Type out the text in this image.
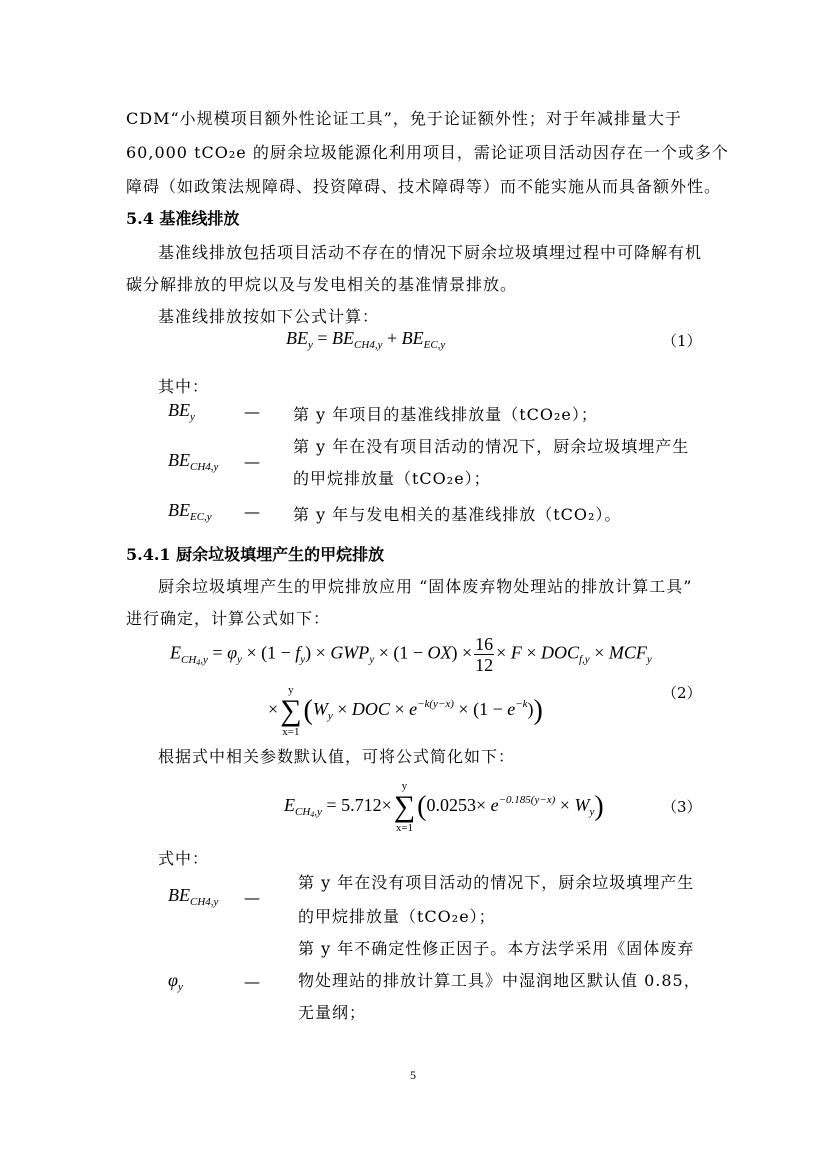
CDM“小规模项目额外性论证工具”，免于论证额外性；对于年减排量大于
60,000 tCO₂e 的厨余垃圾能源化利用项目，需论证项目活动因存在一个或多个
障碍（如政策法规障碍、投资障碍、技术障碍等）而不能实施从而具备额外性。
5.4 基准线排放
基准线排放包括项目活动不存在的情况下厨余垃圾填埋过程中可降解有机
碳分解排放的甲烷以及与发电相关的基准情景排放。
基准线排放按如下公式计算：
$BE_y = BE_{CH4,y} + BE_{EC,y}$	（1）
其中：
$BE_y$	— 第 y 年项目的基准线排放量（tCO₂e）；
$BE_{CH4,y}$ —
第 y 年在没有项目活动的情况下，厨余垃圾填埋产生
的甲烷排放量（tCO₂e）；
$BE_{EC,y}$ — 第 y 年与发电相关的基准线排放（tCO₂）。
5.4.1 厨余垃圾填埋产生的甲烷排放
厨余垃圾填埋产生的甲烷排放应用 “固体废弃物处理站的排放计算工具”
进行确定，计算公式如下：
$E_{CH_4,y} = \varphi_y \times (1 - f_y) \times GWP_y \times (1 - OX) \times \frac{16}{12} \times F \times DOC_{f,y} \times MCF_y$
×
y
∑
x=1
($W_y$ × DOC × $e^{-k(y-x)} \times (1 - e^{-k})$)
（2）
根据式中相关参数默认值，可将公式简化如下：
$E_{CH_4,y} = 5.712\times$
y
∑
x=1
$(0.0253\times e^{-0.185(y-x)} \times W_y)$	（3）
式中：
$BE_{CH4,y}$ —
第 y 年在没有项目活动的情况下，厨余垃圾填埋产生
的甲烷排放量（tCO₂e）；
$\varphi_y$	—
第 y 年不确定性修正因子。本方法学采用《固体废弃
物处理站的排放计算工具》中湿润地区默认值 0.85，
无量纲；
5
